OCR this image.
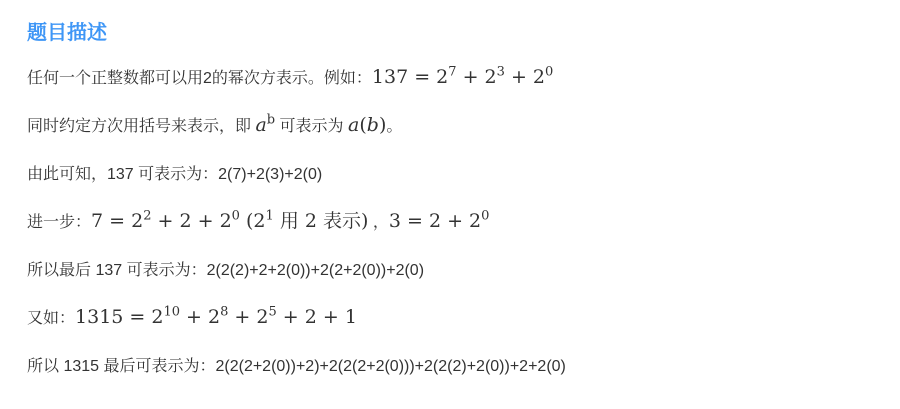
题目描述

任何一个正整数都可以用2的幂次方表示。例如：$137 = 2^7 + 2^3 + 2^0$

同时约定方次用括号来表示，即 $a^b$ 可表示为 a(b)。

由此可知，137 可表示为：2(7)+2(3)+2(0)

进一步：$7 = 2^2 + 2 + 2^0$ ($2^1$ 用 2 表示) ，$3 = 2 + 2^0$

所以最后 137 可表示为：2(2(2)+2+2(0))+2(2+2(0))+2(0)

又如：$1315 = 2^{10} + 2^8 + 2^5 + 2 + 1$

所以 1315 最后可表示为：2(2(2+2(0))+2)+2(2(2+2(0)))+2(2(2)+2(0))+2+2(0)
